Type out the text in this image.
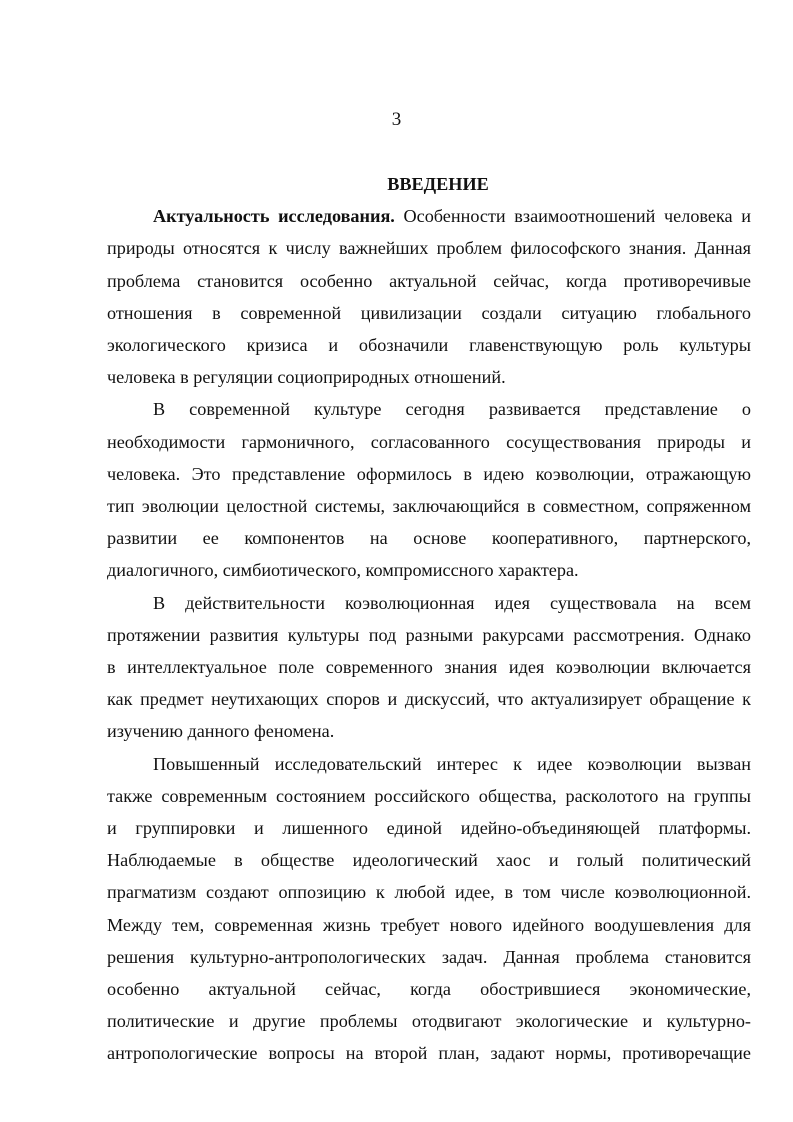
3
ВВЕДЕНИЕ
Актуальность исследования. Особенности взаимоотношений человека и
природы относятся к числу важнейших проблем философского знания. Данная
проблема становится особенно актуальной сейчас, когда противоречивые
отношения в современной цивилизации создали ситуацию глобального
экологического кризиса и обозначили главенствующую роль культуры
человека в регуляции социоприродных отношений.
В современной культуре сегодня развивается представление о
необходимости гармоничного, согласованного сосуществования природы и
человека. Это представление оформилось в идею коэволюции, отражающую
тип эволюции целостной системы, заключающийся в совместном, сопряженном
развитии ее компонентов на основе кооперативного, партнерского,
диалогичного, симбиотического, компромиссного характера.
В действительности коэволюционная идея существовала на всем
протяжении развития культуры под разными ракурсами рассмотрения. Однако
в интеллектуальное поле современного знания идея коэволюции включается
как предмет неутихающих споров и дискуссий, что актуализирует обращение к
изучению данного феномена.
Повышенный исследовательский интерес к идее коэволюции вызван
также современным состоянием российского общества, расколотого на группы
и группировки и лишенного единой идейно-объединяющей платформы.
Наблюдаемые в обществе идеологический хаос и голый политический
прагматизм создают оппозицию к любой идее, в том числе коэволюционной.
Между тем, современная жизнь требует нового идейного воодушевления для
решения культурно-антропологических задач. Данная проблема становится
особенно актуальной сейчас, когда обострившиеся экономические,
политические и другие проблемы отодвигают экологические и культурно-
антропологические вопросы на второй план, задают нормы, противоречащие
